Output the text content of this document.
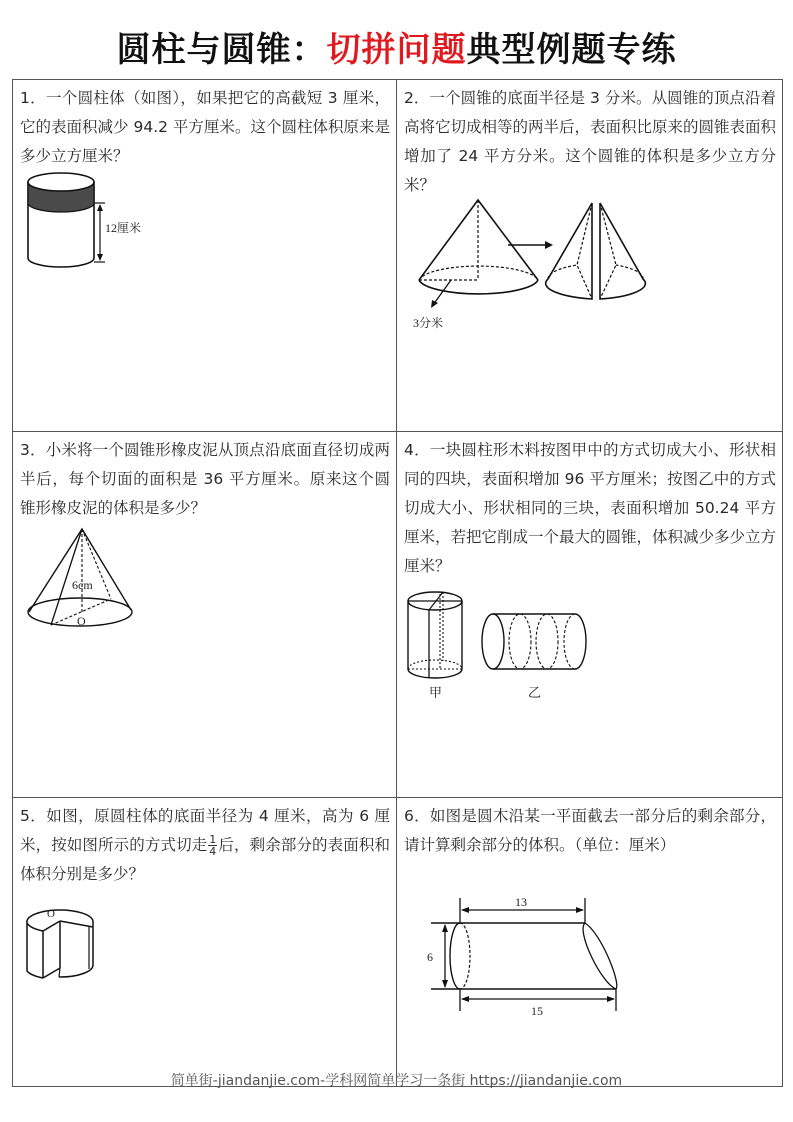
圆柱与圆锥：切拼问题典型例题专练
1．一个圆柱体（如图），如果把它的高截短 3 厘米，它的表面积减少 94.2 平方厘米。这个圆柱体积原来是多少立方厘米？
12厘米
2．一个圆锥的底面半径是 3 分米。从圆锥的顶点沿着高将它切成相等的两半后，表面积比原来的圆锥表面积增加了 24 平方分米。这个圆锥的体积是多少立方分米？
3分米
3．小米将一个圆锥形橡皮泥从顶点沿底面直径切成两半后，每个切面的面积是 36 平方厘米。原来这个圆锥形橡皮泥的体积是多少？
6cm
O
4．一块圆柱形木料按图甲中的方式切成大小、形状相同的四块，表面积增加 96 平方厘米；按图乙中的方式切成大小、形状相同的三块，表面积增加 50.24 平方厘米，若把它削成一个最大的圆锥，体积减少多少立方厘米？
甲	乙
5．如图，原圆柱体的底面半径为 4 厘米，高为 6 厘米，按如图所示的方式切走 $\frac{1}{4}$ 后，剩余部分的表面积和体积分别是多少？
O
6．如图是圆木沿某一平面截去一部分后的剩余部分，请计算剩余部分的体积。（单位：厘米）
13
6
15
简单街-jiandanjie.com-学科网简单学习一条街 https://jiandanjie.com
